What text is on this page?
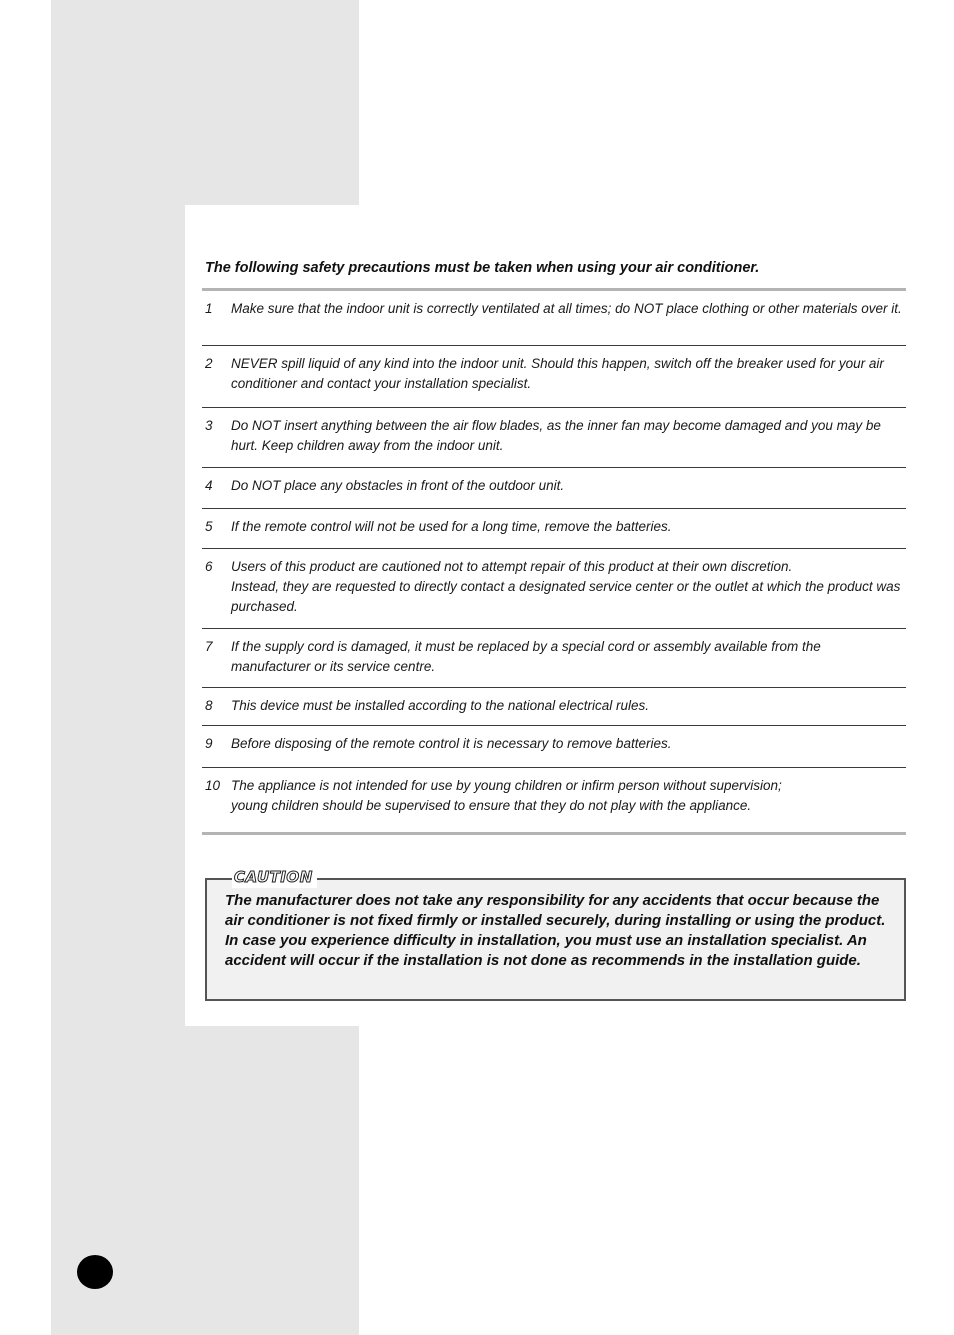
The following safety precautions must be taken when using your air conditioner.
1	Make sure that the indoor unit is correctly ventilated at all times; do NOT place clothing or other materials over it.
2	NEVER spill liquid of any kind into the indoor unit. Should this happen, switch off the breaker used for your air conditioner and contact your installation specialist.
3	Do NOT insert anything between the air flow blades, as the inner fan may become damaged and you may be hurt. Keep children away from the indoor unit.
4	Do NOT place any obstacles in front of the outdoor unit.
5	If the remote control will not be used for a long time, remove the batteries.
6	Users of this product are cautioned not to attempt repair of this product at their own discretion.
Instead, they are requested to directly contact a designated service center or the outlet at which the product was purchased.
7	If the supply cord is damaged, it must be replaced by a special cord or assembly available from the manufacturer or its service centre.
8	This device must be installed according to the national electrical rules.
9	Before disposing of the remote control it is necessary to remove batteries.
10 The appliance is not intended for use by young children or infirm person without supervision;
young children should be supervised to ensure that they do not play with the appliance.
CAUTION
The manufacturer does not take any responsibility for any accidents that occur because the air conditioner is not fixed firmly or installed securely, during installing or using the product. In case you experience difficulty in installation, you must use an installation specialist. An accident will occur if the installation is not done as recommends in the installation guide.
